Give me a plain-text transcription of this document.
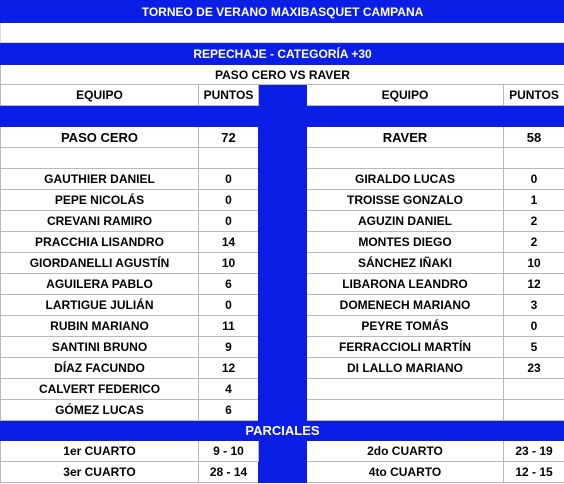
TORNEO DE VERANO MAXIBASQUET CAMPANA				

REPECHAJE - CATEGORÍA +30				
PASO CERO VS RAVER				
EQUIPO	PUNTOS		EQUIPO	PUNTOS

PASO CERO	72		RAVER	58

GAUTHIER DANIEL	0		GIRALDO LUCAS	0
PEPE NICOLÁS	0		TROISSE GONZALO	1
CREVANI RAMIRO	0		AGUZIN DANIEL	2
PRACCHIA LISANDRO	14		MONTES DIEGO	2
GIORDANELLI AGUSTÍN	10		SÁNCHEZ IÑAKI	10
AGUILERA PABLO	6		LIBARONA LEANDRO	12
LARTIGUE JULIÁN	0		DOMENECH MARIANO	3
RUBIN MARIANO	11		PEYRE TOMÁS	0
SANTINI BRUNO	9		FERRACCIOLI MARTÍN	5
DÍAZ FACUNDO	12		DI LALLO MARIANO	23
CALVERT FEDERICO	4			
GÓMEZ LUCAS	6			
PARCIALES				
1er CUARTO	9 - 10		2do CUARTO	23 - 19
3er CUARTO	28 - 14		4to CUARTO	12 - 15
